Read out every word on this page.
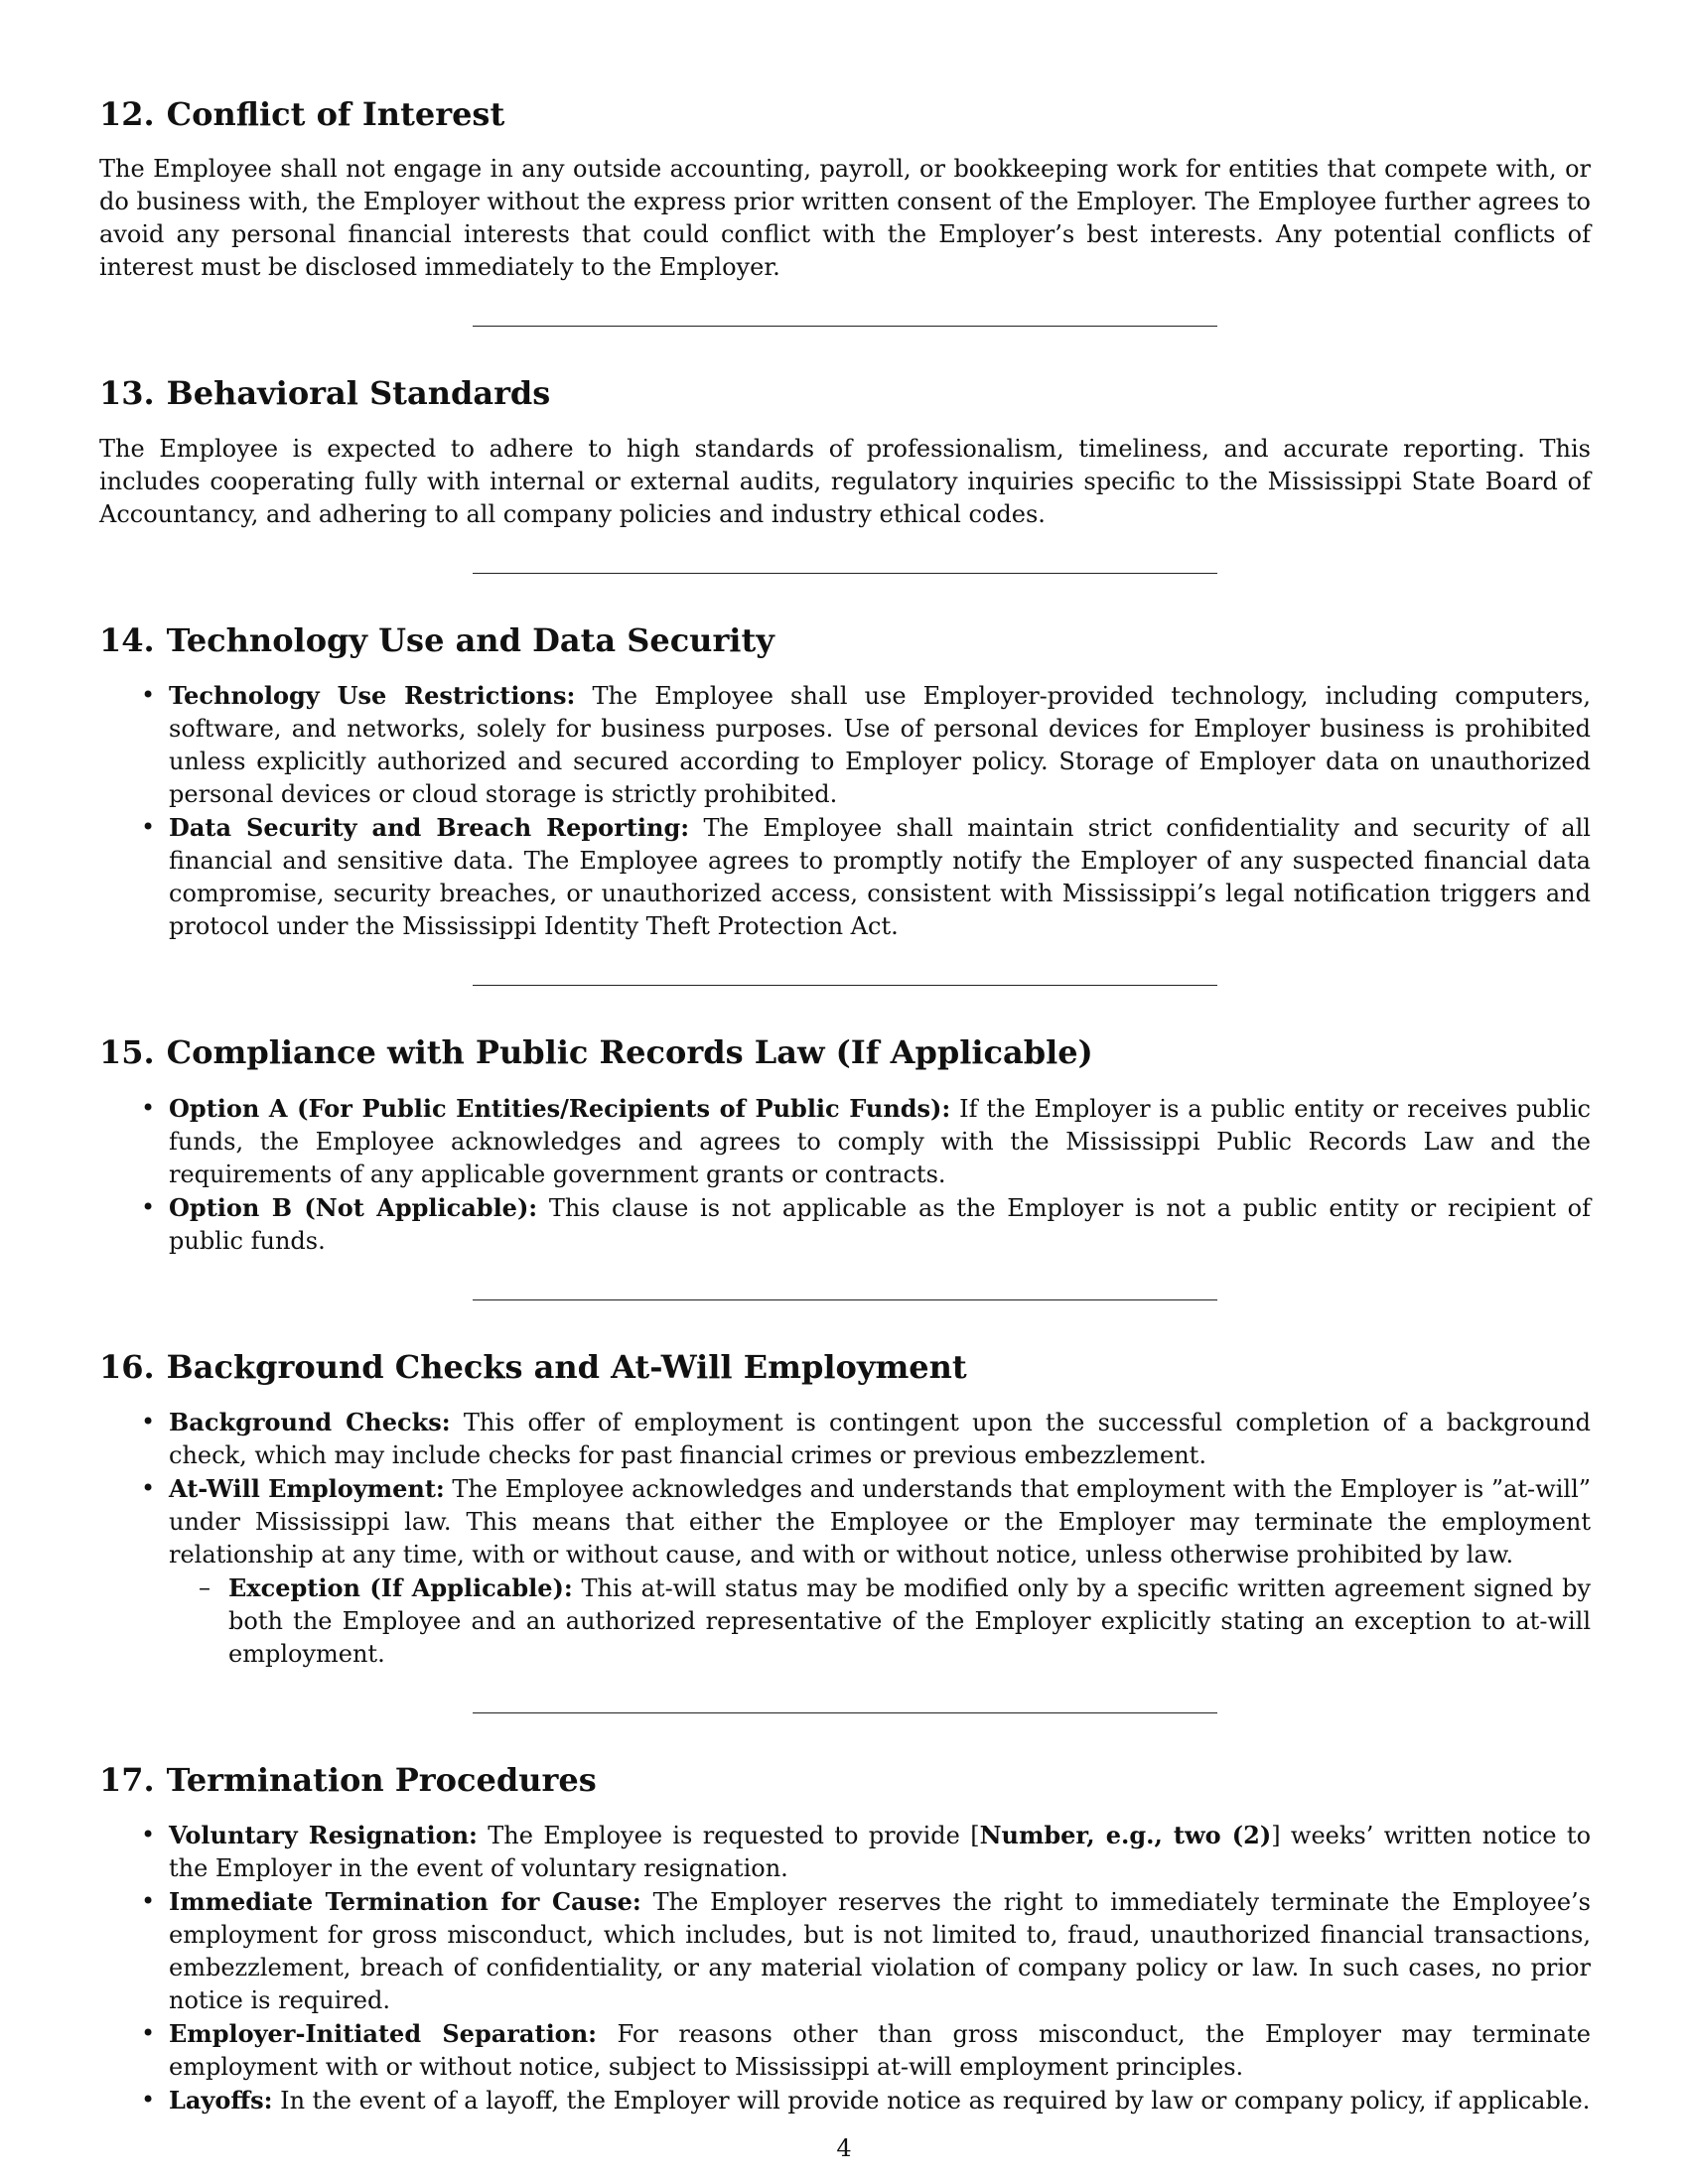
12. Conflict of Interest

The Employee shall not engage in any outside accounting, payroll, or bookkeeping work for entities that compete with, or do business with, the Employer without the express prior written consent of the Employer. The Employee further agrees to avoid any personal financial interests that could conflict with the Employer’s best interests. Any potential conflicts of interest must be disclosed immediately to the Employer.

13. Behavioral Standards

The Employee is expected to adhere to high standards of professionalism, timeliness, and accurate reporting. This includes cooperating fully with internal or external audits, regulatory inquiries specific to the Mississippi State Board of Accountancy, and adhering to all company policies and industry ethical codes.

14. Technology Use and Data Security
• Technology Use Restrictions: The Employee shall use Employer-provided technology, including computers, software, and networks, solely for business purposes. Use of personal devices for Employer business is prohibited unless explicitly authorized and secured according to Employer policy. Storage of Employer data on unauthorized personal devices or cloud storage is strictly prohibited.
• Data Security and Breach Reporting: The Employee shall maintain strict confidentiality and security of all financial and sensitive data. The Employee agrees to promptly notify the Employer of any suspected financial data compromise, security breaches, or unauthorized access, consistent with Mississippi’s legal notification triggers and protocol under the Mississippi Identity Theft Protection Act.
15. Compliance with Public Records Law (If Applicable)
• Option A (For Public Entities/Recipients of Public Funds): If the Employer is a public entity or receives public funds, the Employee acknowledges and agrees to comply with the Mississippi Public Records Law and the requirements of any applicable government grants or contracts.
• Option B (Not Applicable): This clause is not applicable as the Employer is not a public entity or recipient of public funds.
16. Background Checks and At-Will Employment
• Background Checks: This offer of employment is contingent upon the successful completion of a background check, which may include checks for past financial crimes or previous embezzlement.
• At-Will Employment: The Employee acknowledges and understands that employment with the Employer is ”at-will” under Mississippi law. This means that either the Employee or the Employer may terminate the employment relationship at any time, with or without cause, and with or without notice, unless otherwise prohibited by law.
– Exception (If Applicable): This at-will status may be modified only by a specific written agreement signed by both the Employee and an authorized representative of the Employer explicitly stating an exception to at-will employment.
17. Termination Procedures
• Voluntary Resignation: The Employee is requested to provide [Number, e.g., two (2)] weeks’ written notice to the Employer in the event of voluntary resignation.
• Immediate Termination for Cause: The Employer reserves the right to immediately terminate the Employee’s employment for gross misconduct, which includes, but is not limited to, fraud, unauthorized financial transactions, embezzlement, breach of confidentiality, or any material violation of company policy or law. In such cases, no prior notice is required.
• Employer-Initiated Separation: For reasons other than gross misconduct, the Employer may terminate employment with or without notice, subject to Mississippi at-will employment principles.
• Layoffs: In the event of a layoff, the Employer will provide notice as required by law or company policy, if applicable.
4
